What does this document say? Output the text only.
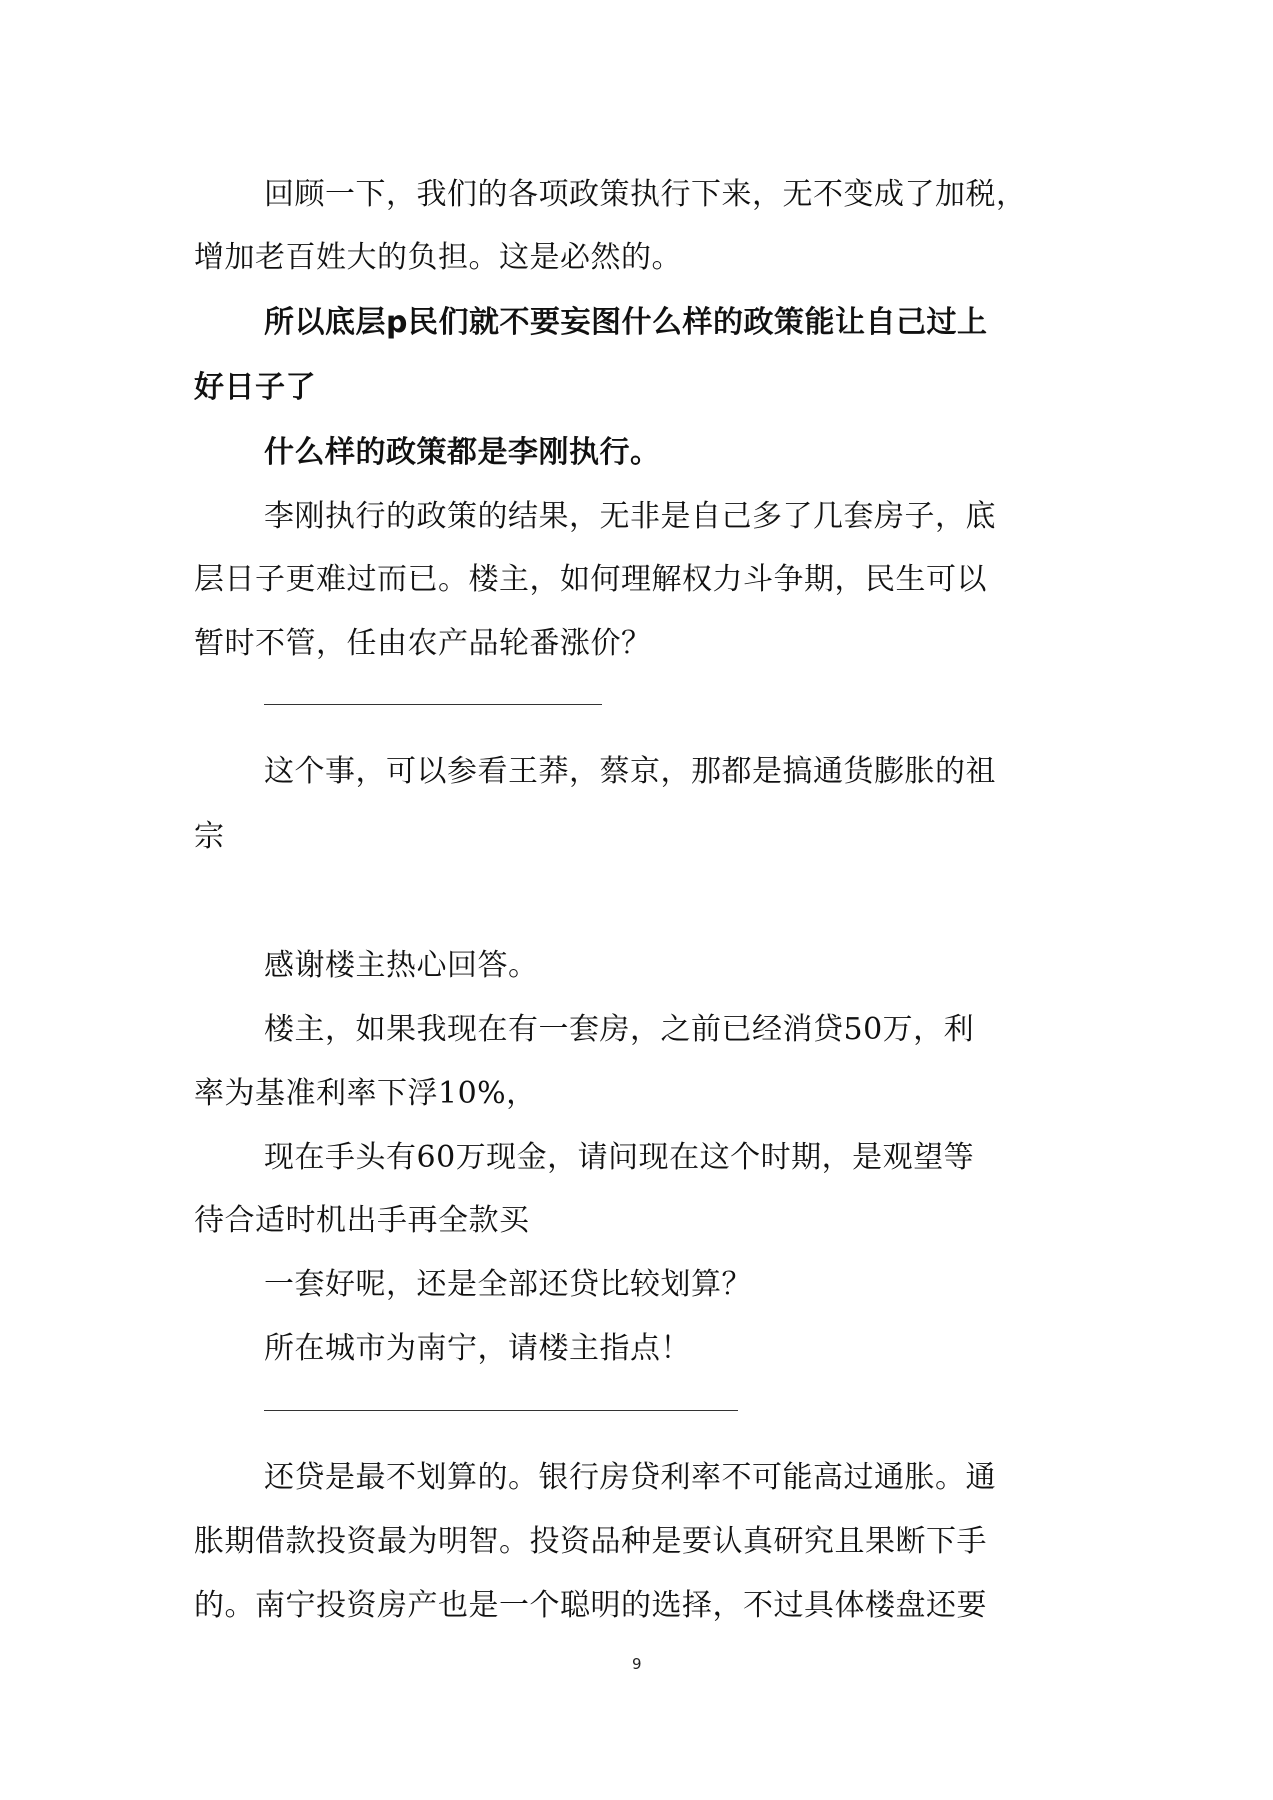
回顾一下，我们的各项政策执行下来，无不变成了加税，
增加老百姓大的负担。这是必然的。
所以底层p民们就不要妄图什么样的政策能让自己过上
好日子了
什么样的政策都是李刚执行。
李刚执行的政策的结果，无非是自己多了几套房子，底
层日子更难过而已。楼主，如何理解权力斗争期，民生可以
暂时不管，任由农产品轮番涨价？
这个事，可以参看王莽，蔡京，那都是搞通货膨胀的祖
宗
感谢楼主热心回答。
楼主，如果我现在有一套房，之前已经消贷50万，利
率为基准利率下浮10%，
现在手头有60万现金，请问现在这个时期，是观望等
待合适时机出手再全款买
一套好呢，还是全部还贷比较划算？
所在城市为南宁，请楼主指点！
还贷是最不划算的。银行房贷利率不可能高过通胀。通
胀期借款投资最为明智。投资品种是要认真研究且果断下手
的。南宁投资房产也是一个聪明的选择，不过具体楼盘还要
9
